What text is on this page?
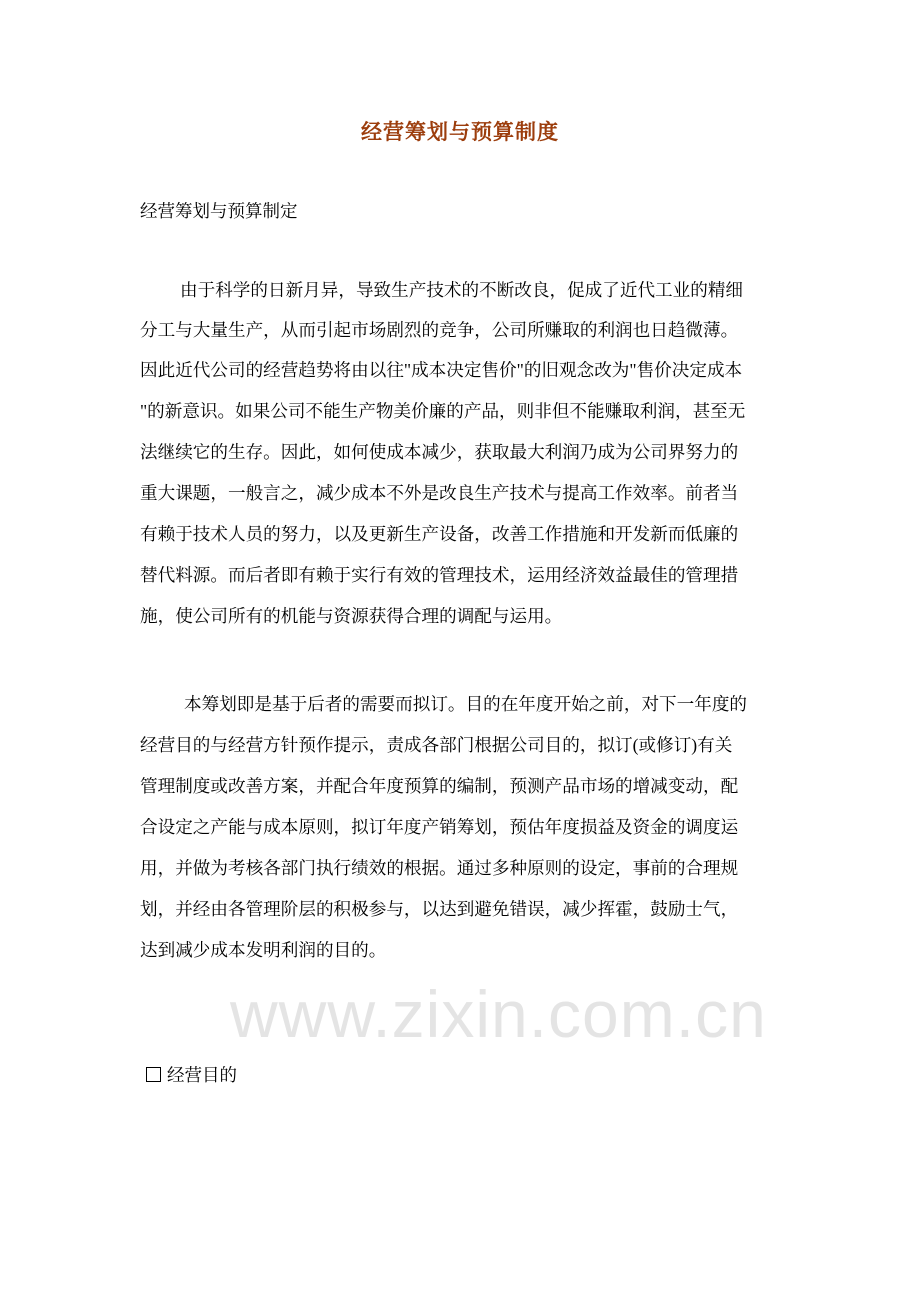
www.zixin.com.cn
经营筹划与预算制度
经营筹划与预算制定
由于科学的日新月异，导致生产技术的不断改良，促成了近代工业的精细
分工与大量生产，从而引起市场剧烈的竞争，公司所赚取的利润也日趋微薄。
因此近代公司的经营趋势将由以往"成本决定售价"的旧观念改为"售价决定成本
"的新意识。如果公司不能生产物美价廉的产品，则非但不能赚取利润，甚至无
法继续它的生存。因此，如何使成本减少，获取最大利润乃成为公司界努力的
重大课题，一般言之，减少成本不外是改良生产技术与提高工作效率。前者当
有赖于技术人员的努力，以及更新生产设备，改善工作措施和开发新而低廉的
替代料源。而后者即有赖于实行有效的管理技术，运用经济效益最佳的管理措
施，使公司所有的机能与资源获得合理的调配与运用。
本筹划即是基于后者的需要而拟订。目的在年度开始之前，对下一年度的
经营目的与经营方针预作提示，责成各部门根据公司目的，拟订(或修订)有关
管理制度或改善方案，并配合年度预算的编制，预测产品市场的增减变动，配
合设定之产能与成本原则，拟订年度产销筹划，预估年度损益及资金的调度运
用，并做为考核各部门执行绩效的根据。通过多种原则的设定，事前的合理规
划，并经由各管理阶层的积极参与，以达到避免错误，减少挥霍，鼓励士气，
达到减少成本发明利润的目的。
经营目的
